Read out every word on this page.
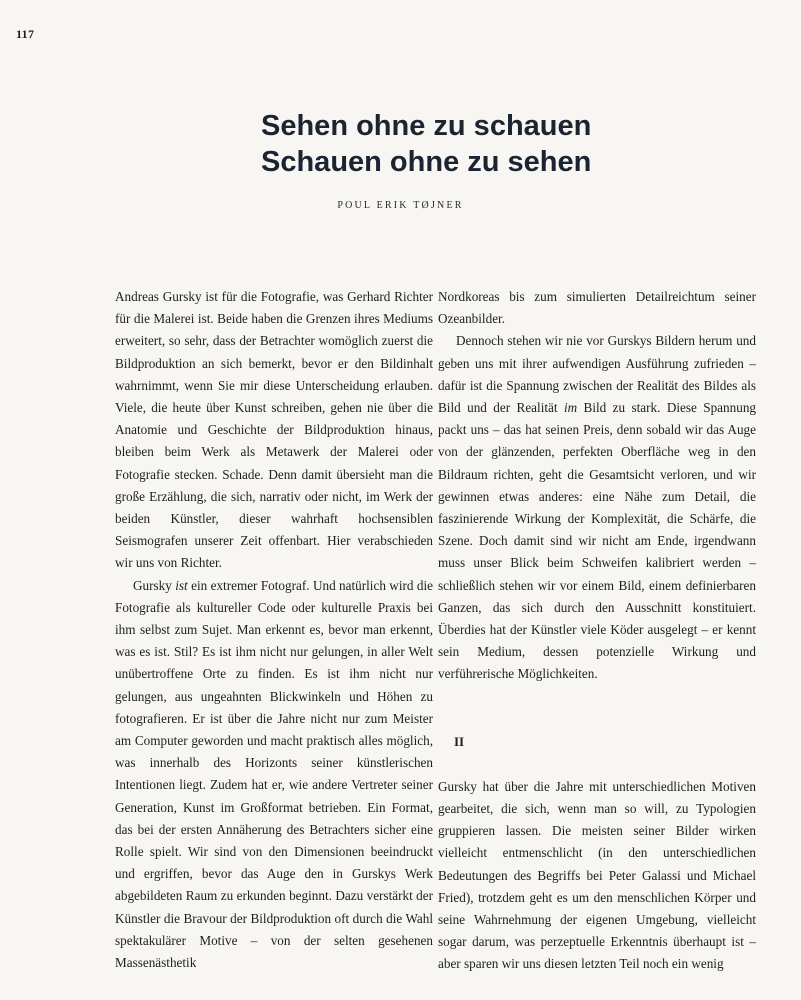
117
Sehen ohne zu schauen
Schauen ohne zu sehen
POUL ERIK TØJNER

Andreas Gursky ist für die Fotografie, was Gerhard Richter für die Malerei ist. Beide haben die Grenzen ihres Mediums erweitert, so sehr, dass der Betrachter womöglich zuerst die Bildproduktion an sich bemerkt, bevor er den Bildinhalt wahrnimmt, wenn Sie mir diese Unterscheidung erlauben. Viele, die heute über Kunst schreiben, gehen nie über die Anatomie und Geschichte der Bildproduktion hinaus, bleiben beim Werk als Metawerk der Malerei oder Fotografie stecken. Schade. Denn damit übersieht man die große Erzählung, die sich, narrativ oder nicht, im Werk der beiden Künstler, dieser wahrhaft hochsensiblen Seismografen unserer Zeit offenbart. Hier verabschieden wir uns von Richter.

Gursky ist ein extremer Fotograf. Und natürlich wird die Fotografie als kultureller Code oder kulturelle Praxis bei ihm selbst zum Sujet. Man erkennt es, bevor man erkennt, was es ist. Stil? Es ist ihm nicht nur gelungen, in aller Welt unübertroffene Orte zu finden. Es ist ihm nicht nur gelungen, aus ungeahnten Blickwinkeln und Höhen zu fotografieren. Er ist über die Jahre nicht nur zum Meister am Computer geworden und macht praktisch alles möglich, was innerhalb des Horizonts seiner künstlerischen Intentionen liegt. Zudem hat er, wie andere Vertreter seiner Generation, Kunst im Großformat betrieben. Ein Format, das bei der ersten Annäherung des Betrachters sicher eine Rolle spielt. Wir sind von den Dimensionen beeindruckt und ergriffen, bevor das Auge den in Gurskys Werk abgebildeten Raum zu erkunden beginnt. Dazu verstärkt der Künstler die Bravour der Bildproduktion oft durch die Wahl spektakulärer Motive – von der selten gesehenen Massenästhetik

Nordkoreas bis zum simulierten Detailreichtum seiner Ozeanbilder.

Dennoch stehen wir nie vor Gurskys Bildern herum und geben uns mit ihrer aufwendigen Ausführung zufrieden – dafür ist die Spannung zwischen der Realität des Bildes als Bild und der Realität im Bild zu stark. Diese Spannung packt uns – das hat seinen Preis, denn sobald wir das Auge von der glänzenden, perfekten Oberfläche weg in den Bildraum richten, geht die Gesamtsicht verloren, und wir gewinnen etwas anderes: eine Nähe zum Detail, die faszinierende Wirkung der Komplexität, die Schärfe, die Szene. Doch damit sind wir nicht am Ende, irgendwann muss unser Blick beim Schweifen kalibriert werden – schließlich stehen wir vor einem Bild, einem definierbaren Ganzen, das sich durch den Ausschnitt konstituiert. Überdies hat der Künstler viele Köder ausgelegt – er kennt sein Medium, dessen potenzielle Wirkung und verführerische Möglichkeiten.

II

Gursky hat über die Jahre mit unterschiedlichen Motiven gearbeitet, die sich, wenn man so will, zu Typologien gruppieren lassen. Die meisten seiner Bilder wirken vielleicht entmenschlicht (in den unterschiedlichen Bedeutungen des Begriffs bei Peter Galassi und Michael Fried), trotzdem geht es um den menschlichen Körper und seine Wahrnehmung der eigenen Umgebung, vielleicht sogar darum, was perzeptuelle Erkenntnis überhaupt ist – aber sparen wir uns diesen letzten Teil noch ein wenig
